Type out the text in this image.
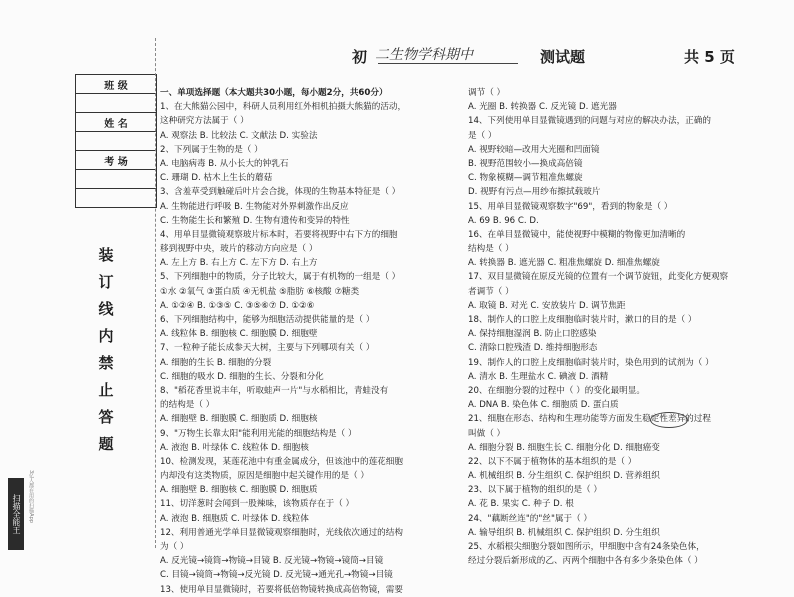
扫描全能王	3亿人都在用的扫描App
班 级

姓 名

考 场

装
订
线
内
禁
止
答
题
初 二生物学科期中	测试题	共 5 页
一、单项选择题（本大题共30小题，每小题2分，共60分）
1、在大熊猫公园中，科研人员利用红外相机拍摄大熊猫的活动，
这种研究方法属于（ ）
A. 观察法 B. 比较法 C. 文献法 D. 实验法
2、下列属于生物的是（ ）
A. 电脑病毒 B. 从小长大的钟乳石
C. 珊瑚 D. 枯木上生长的蘑菇
3、含羞草受到触碰后叶片会合拢，体现的生物基本特征是（ ）
A. 生物能进行呼吸 B. 生物能对外界刺激作出反应
C. 生物能生长和繁殖 D. 生物有遗传和变异的特性
4、用单目显微镜观察玻片标本时，若要将视野中右下方的细胞
移到视野中央，玻片的移动方向应是（ ）
A. 左上方 B. 右上方 C. 左下方 D. 右上方
5、下列细胞中的物质，分子比较大，属于有机物的一组是（ ）
①水 ②氧气 ③蛋白质 ④无机盐 ⑤脂肪 ⑥核酸 ⑦糖类
A. ①②④ B. ①③⑤ C. ③⑤⑥⑦ D. ①②⑥
6、下列细胞结构中，能够为细胞活动提供能量的是（ ）
A. 线粒体 B. 细胞核 C. 细胞膜 D. 细胞壁
7、一粒种子能长成参天大树，主要与下列哪项有关（ ）
A. 细胞的生长 B. 细胞的分裂
C. 细胞的吸水 D. 细胞的生长、分裂和分化
8、"稻花香里说丰年，听取蛙声一片"与水稻相比，青蛙没有
的结构是（ ）
A. 细胞壁 B. 细胞膜 C. 细胞质 D. 细胞核
9、"万物生长靠太阳"能利用光能的细胞结构是（ ）
A. 液泡 B. 叶绿体 C. 线粒体 D. 细胞核
10、检测发现，某莲花池中有重金属成分，但该池中的莲花细胞
内却没有这类物质，原因是细胞中起关键作用的是（ ）
A. 细胞壁 B. 细胞核 C. 细胞膜 D. 细胞质
11、切洋葱时会闻到一股辣味，该物质存在于（ ）
A. 液泡 B. 细胞质 C. 叶绿体 D. 线粒体
12、利用普通光学单目显微镜观察细胞时，光线依次通过的结构
为（ ）
A. 反光镜→镜筒→物镜→目镜 B. 反光镜→物镜→镜筒→目镜
C. 目镜→镜筒→物镜→反光镜 D. 反光镜→通光孔→物镜→目镜
13、使用单目显微镜时，若要将低倍物镜转换成高倍物镜，需要
调节（ ）
A. 光圈 B. 转换器 C. 反光镜 D. 遮光器
14、下列使用单目显微镜遇到的问题与对应的解决办法，正确的
是（ ）
A. 视野较暗—改用大光圈和凹面镜
B. 视野范围较小—换成高倍镜
C. 物象模糊—调节粗准焦螺旋
D. 视野有污点—用纱布擦拭载玻片
15、用单目显微镜观察数字"69"，看到的物象是（ ）
A. 69 B. 96 C. D.
16、在单目显微镜中，能使视野中模糊的物像更加清晰的
结构是（ ）
A. 转换器 B. 遮光器 C. 粗准焦螺旋 D. 细准焦螺旋
17、双目显微镜在原反光镜的位置有一个调节旋钮，此变化方便观察
者调节（ ）
A. 取镜 B. 对光 C. 安放装片 D. 调节焦距
18、制作人的口腔上皮细胞临时装片时，漱口的目的是（ ）
A. 保持细胞湿润 B. 防止口腔感染
C. 清除口腔残渣 D. 维持细胞形态
19、制作人的口腔上皮细胞临时装片时，染色用到的试剂为（ ）
A. 清水 B. 生理盐水 C. 碘液 D. 酒精
20、在细胞分裂的过程中（ ）的变化最明显。
A. DNA B. 染色体 C. 细胞质 D. 蛋白质
21、细胞在形态、结构和生理功能等方面发生稳定性差异的过程
叫做（ ）
A. 细胞分裂 B. 细胞生长 C. 细胞分化 D. 细胞癌变
22、以下不属于植物体的基本组织的是（ ）
A. 机械组织 B. 分生组织 C. 保护组织 D. 营养组织
23、以下属于植物的组织的是（ ）
A. 花 B. 果实 C. 种子 D. 根
24、"藕断丝连"的"丝"属于（ ）
A. 输导组织 B. 机械组织 C. 保护组织 D. 分生组织
25、水稻根尖细胞分裂如图所示，甲细胞中含有24条染色体，
经过分裂后新形成的乙、丙两个细胞中各有多少条染色体（ ）
